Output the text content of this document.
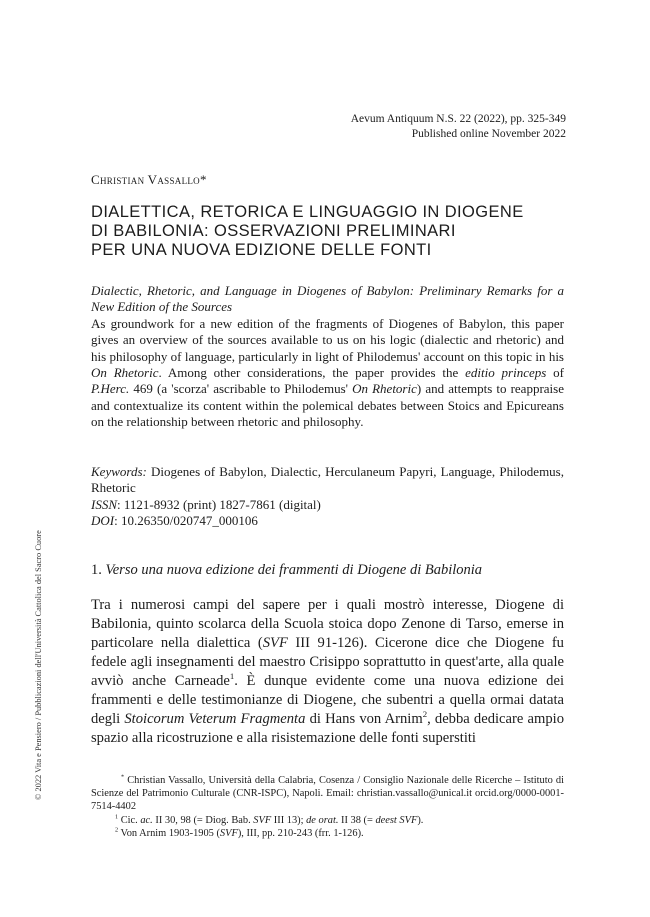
Aevum Antiquum N.S. 22 (2022), pp. 325-349
Published online November 2022
Christian Vassallo*
DIALETTICA, RETORICA E LINGUAGGIO IN DIOGENE
DI BABILONIA: OSSERVAZIONI PRELIMINARI
PER UNA NUOVA EDIZIONE DELLE FONTI
Dialectic, Rhetoric, and Language in Diogenes of Babylon: Preliminary Remarks for a New Edition of the Sources
As groundwork for a new edition of the fragments of Diogenes of Babylon, this paper gives an overview of the sources available to us on his logic (dialectic and rhetoric) and his philosophy of language, particularly in light of Philodemus' account on this topic in his On Rhetoric. Among other considerations, the paper provides the editio princeps of P.Herc. 469 (a 'scorza' ascribable to Philodemus' On Rhetoric) and attempts to reappraise and contextualize its content within the polemical debates between Stoics and Epicureans on the relationship between rhetoric and philosophy.
Keywords: Diogenes of Babylon, Dialectic, Herculaneum Papyri, Language, Philodemus, Rhetoric
ISSN: 1121-8932 (print) 1827-7861 (digital)
DOI: 10.26350/020747_000106
1. Verso una nuova edizione dei frammenti di Diogene di Babilonia
Tra i numerosi campi del sapere per i quali mostrò interesse, Diogene di Babilonia, quinto scolarca della Scuola stoica dopo Zenone di Tarso, emerse in particolare nella dialettica (SVF III 91-126). Cicerone dice che Diogene fu fedele agli insegnamenti del maestro Crisippo soprattutto in quest'arte, alla quale avviò anche Carneade$^1$. È dunque evidente come una nuova edizione dei frammenti e delle testimonianze di Diogene, che subentri a quella ormai datata degli Stoicorum Veterum Fragmenta di Hans von Arnim$^2$, debba dedicare ampio spazio alla ricostruzione e alla risistemazione delle fonti superstiti
* Christian Vassallo, Università della Calabria, Cosenza / Consiglio Nazionale delle Ricerche – Istituto di Scienze del Patrimonio Culturale (CNR-ISPC), Napoli. Email: christian.vassallo@unical.it orcid.org/0000-0001-7514-4402
$^1$ Cic. ac. II 30, 98 (= Diog. Bab. SVF III 13); de orat. II 38 (= deest SVF).
$^2$ Von Arnim 1903-1905 (SVF), III, pp. 210-243 (frr. 1-126).
© 2022 Vita e Pensiero / Pubblicazioni dell'Università Cattolica del Sacro Cuore
